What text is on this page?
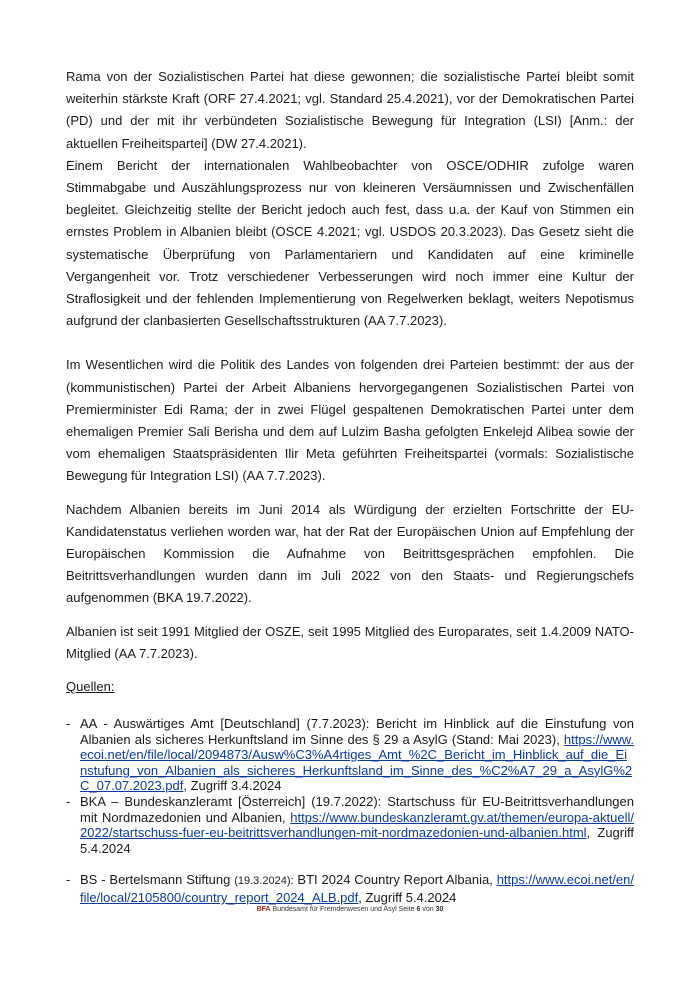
Rama von der Sozialistischen Partei hat diese gewonnen; die sozialistische Partei bleibt somit weiterhin stärkste Kraft (ORF 27.4.2021; vgl. Standard 25.4.2021), vor der Demokratischen Partei (PD) und der mit ihr verbündeten Sozialistische Bewegung für Integration (LSI) [Anm.: der aktuellen Freiheitspartei] (DW 27.4.2021).

Einem Bericht der internationalen Wahlbeobachter von OSCE/ODHIR zufolge waren Stimmabgabe und Auszählungsprozess nur von kleineren Versäumnissen und Zwischenfällen begleitet. Gleichzeitig stellte der Bericht jedoch auch fest, dass u.a. der Kauf von Stimmen ein ernstes Problem in Albanien bleibt (OSCE 4.2021; vgl. USDOS 20.3.2023). Das Gesetz sieht die systematische Überprüfung von Parlamentariern und Kandidaten auf eine kriminelle Vergangenheit vor. Trotz verschiedener Verbesserungen wird noch immer eine Kultur der Straflosigkeit und der fehlenden Implementierung von Regelwerken beklagt, weiters Nepotismus aufgrund der clanbasierten Gesellschaftsstrukturen (AA 7.7.2023).

Im Wesentlichen wird die Politik des Landes von folgenden drei Parteien bestimmt: der aus der (kommunistischen) Partei der Arbeit Albaniens hervorgegangenen Sozialistischen Partei von Premierminister Edi Rama; der in zwei Flügel gespaltenen Demokratischen Partei unter dem ehemaligen Premier Sali Berisha und dem auf Lulzim Basha gefolgten Enkelejd Alibea sowie der vom ehemaligen Staatspräsidenten Ilir Meta geführten Freiheitspartei (vormals: Sozialistische Bewegung für Integration LSI) (AA 7.7.2023).

Nachdem Albanien bereits im Juni 2014 als Würdigung der erzielten Fortschritte der EU-Kandidatenstatus verliehen worden war, hat der Rat der Europäischen Union auf Empfehlung der Europäischen Kommission die Aufnahme von Beitrittsgesprächen empfohlen. Die Beitrittsverhandlungen wurden dann im Juli 2022 von den Staats- und Regierungschefs aufgenommen (BKA 19.7.2022).

Albanien ist seit 1991 Mitglied der OSZE, seit 1995 Mitglied des Europarates, seit 1.4.2009 NATO-Mitglied (AA 7.7.2023).

Quellen:

- AA - Auswärtiges Amt [Deutschland] (7.7.2023): Bericht im Hinblick auf die Einstufung von Albanien als sicheres Herkunftsland im Sinne des § 29 a AsylG (Stand: Mai 2023), https://www.ecoi.net/en/file/local/2094873/Ausw%C3%A4rtiges_Amt_%2C_Bericht_im_Hinblick_auf_die_Einstufung_von_Albanien_als_sicheres_Herkunftsland_im_Sinne_des_%C2%A7_29_a_AsylG%2C_07.07.2023.pdf, Zugriff 3.4.2024
- BKA – Bundeskanzleramt [Österreich] (19.7.2022): Startschuss für EU-Beitrittsverhandlungen mit Nordmazedonien und Albanien, https://www.bundeskanzleramt.gv.at/themen/europa-aktuell/2022/startschuss-fuer-eu-beitrittsverhandlungen-mit-nordmazedonien-und-albanien.html, Zugriff 5.4.2024
- BS - Bertelsmann Stiftung (19.3.2024): BTI 2024 Country Report Albania, https://www.ecoi.net/en/file/local/2105800/country_report_2024_ALB.pdf, Zugriff 5.4.2024
BFA Bundesamt für Fremdenwesen und Asyl Seite 6 von 30
